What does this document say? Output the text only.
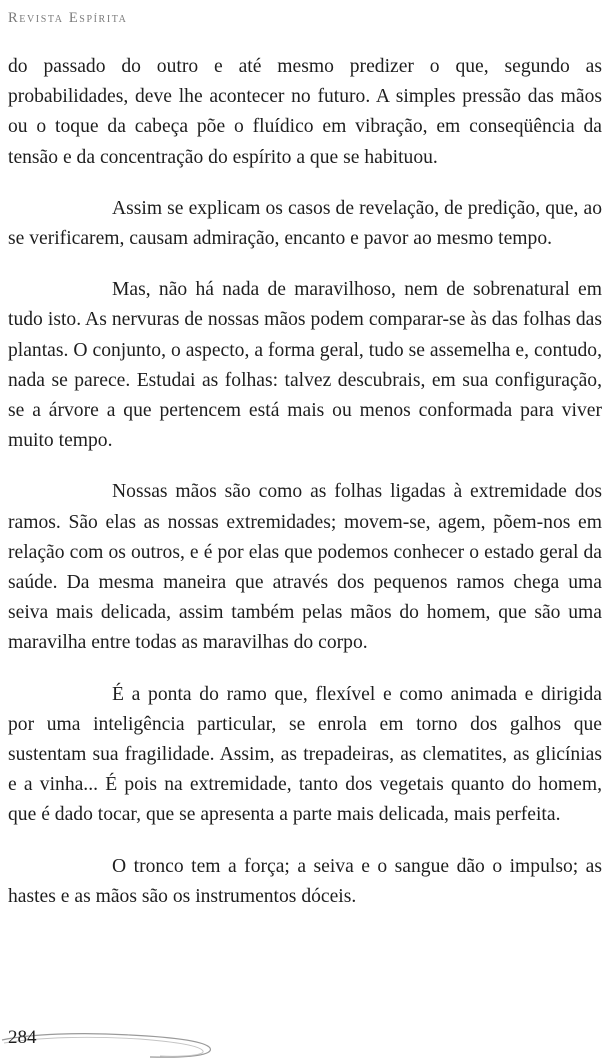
Revista Espírita

do passado do outro e até mesmo predizer o que, segundo as probabilidades, deve lhe acontecer no futuro. A simples pressão das mãos ou o toque da cabeça põe o fluídico em vibração, em conseqüência da tensão e da concentração do espírito a que se habituou.

Assim se explicam os casos de revelação, de predição, que, ao se verificarem, causam admiração, encanto e pavor ao mesmo tempo.

Mas, não há nada de maravilhoso, nem de sobrenatural em tudo isto. As nervuras de nossas mãos podem comparar-se às das folhas das plantas. O conjunto, o aspecto, a forma geral, tudo se assemelha e, contudo, nada se parece. Estudai as folhas: talvez descubrais, em sua configuração, se a árvore a que pertencem está mais ou menos conformada para viver muito tempo.

Nossas mãos são como as folhas ligadas à extremidade dos ramos. São elas as nossas extremidades; movem-se, agem, põem-nos em relação com os outros, e é por elas que podemos conhecer o estado geral da saúde. Da mesma maneira que através dos pequenos ramos chega uma seiva mais delicada, assim também pelas mãos do homem, que são uma maravilha entre todas as maravilhas do corpo.

É a ponta do ramo que, flexível e como animada e dirigida por uma inteligência particular, se enrola em torno dos galhos que sustentam sua fragilidade. Assim, as trepadeiras, as clematites, as glicínias e a vinha... É pois na extremidade, tanto dos vegetais quanto do homem, que é dado tocar, que se apresenta a parte mais delicada, mais perfeita.

O tronco tem a força; a seiva e o sangue dão o impulso; as hastes e as mãos são os instrumentos dóceis.

284
